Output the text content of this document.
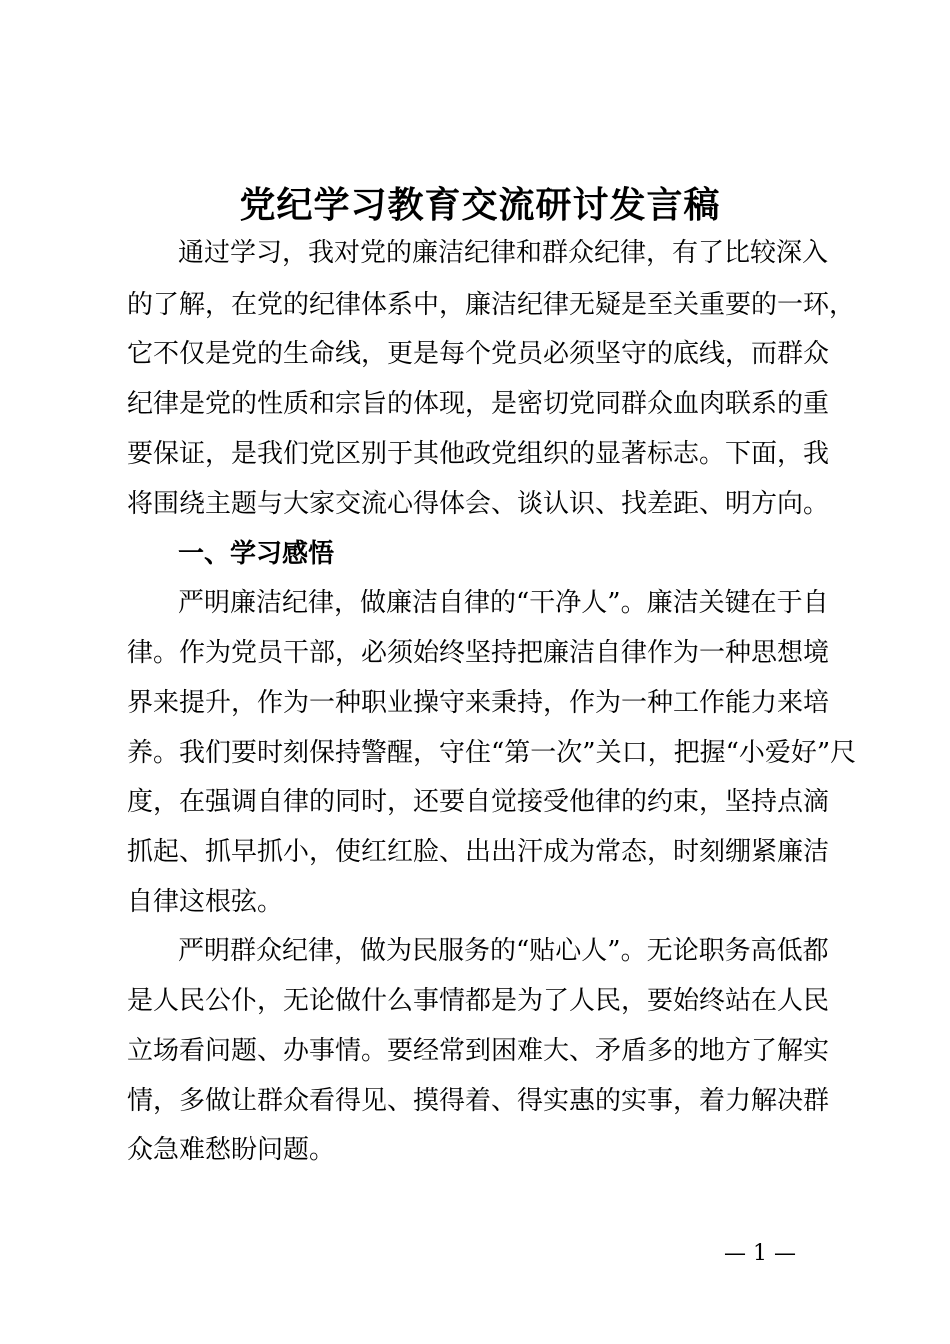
党纪学习教育交流研讨发言稿
通过学习，我对党的廉洁纪律和群众纪律，有了比较深入
的了解，在党的纪律体系中，廉洁纪律无疑是至关重要的一环，
它不仅是党的生命线，更是每个党员必须坚守的底线，而群众
纪律是党的性质和宗旨的体现，是密切党同群众血肉联系的重
要保证，是我们党区别于其他政党组织的显著标志。下面，我
将围绕主题与大家交流心得体会、谈认识、找差距、明方向。
一、学习感悟
严明廉洁纪律，做廉洁自律的“干净人”。廉洁关键在于自
律。作为党员干部，必须始终坚持把廉洁自律作为一种思想境
界来提升，作为一种职业操守来秉持，作为一种工作能力来培
养。我们要时刻保持警醒，守住“第一次”关口，把握“小爱好”尺
度，在强调自律的同时，还要自觉接受他律的约束，坚持点滴
抓起、抓早抓小，使红红脸、出出汗成为常态，时刻绷紧廉洁
自律这根弦。
严明群众纪律，做为民服务的“贴心人”。无论职务高低都
是人民公仆，无论做什么事情都是为了人民，要始终站在人民
立场看问题、办事情。要经常到困难大、矛盾多的地方了解实
情，多做让群众看得见、摸得着、得实惠的实事，着力解决群
众急难愁盼问题。
— 1 —
